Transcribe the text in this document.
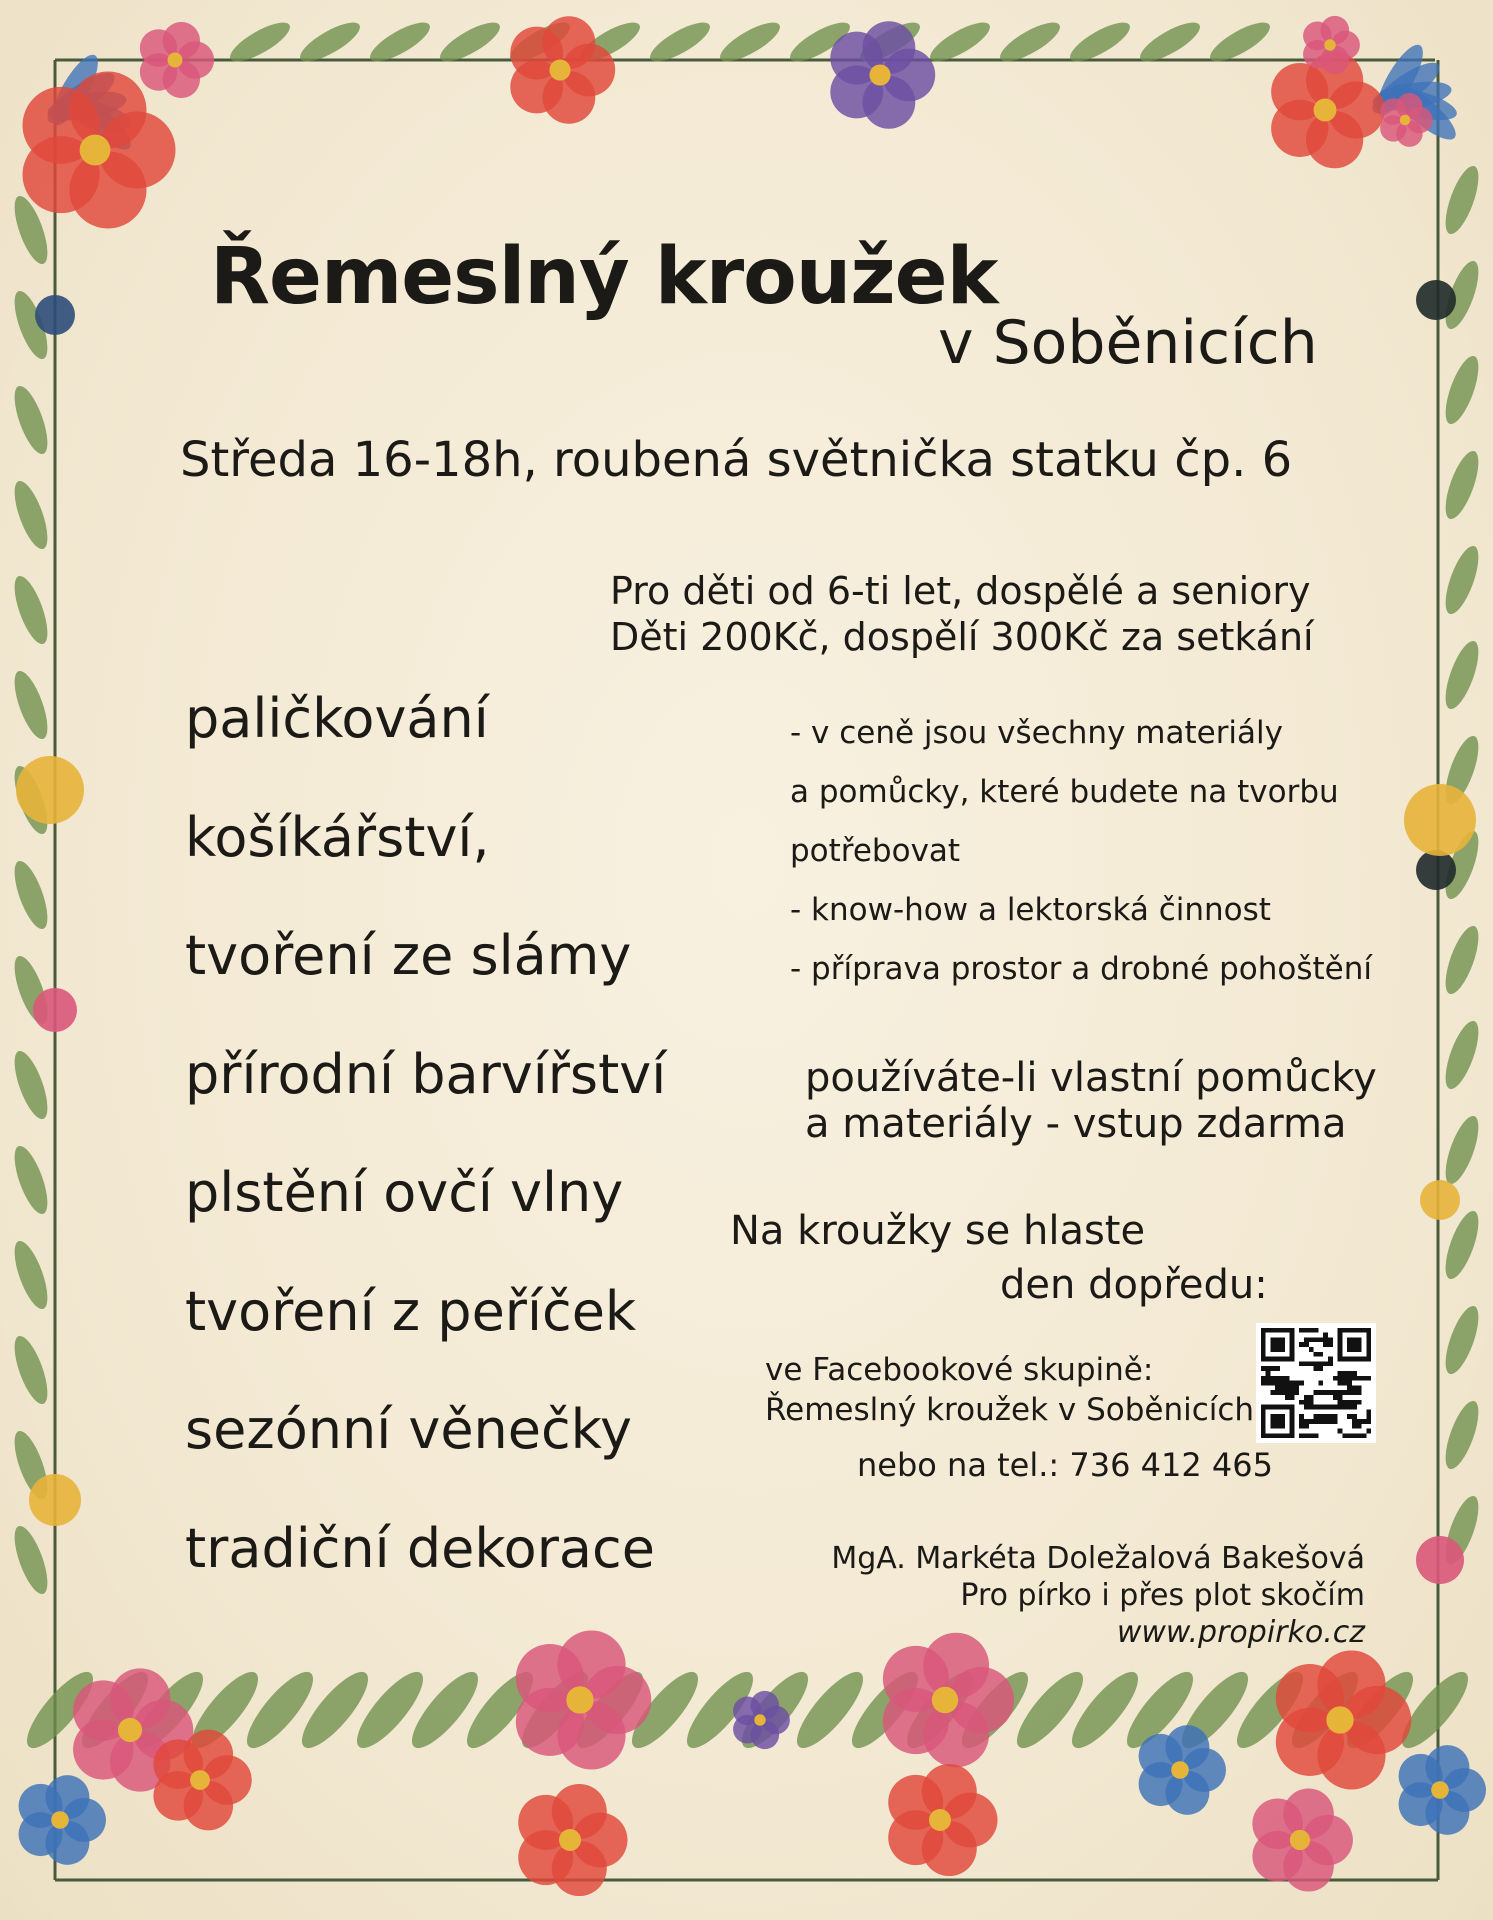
Řemeslný kroužek
v Soběnicích
Středa 16-18h, roubená světnička statku čp. 6
Pro děti od 6-ti let, dospělé a seniory
Děti 200Kč, dospělí 300Kč za setkání
paličkování
košíkářství,
tvoření ze slámy
přírodní barvířství
plstění ovčí vlny
tvoření z peříček
sezónní věnečky
tradiční dekorace
- v ceně jsou všechny materiály
a pomůcky, které budete na tvorbu
potřebovat
- know-how a lektorská činnost
- příprava prostor a drobné pohoštění
používáte-li vlastní pomůcky
a materiály - vstup zdarma
Na kroužky se hlaste
den dopředu:
ve Facebookové skupině:
Řemeslný kroužek v Soběnicích
nebo na tel.: 736 412 465
MgA. Markéta Doležalová Bakešová
Pro pírko i přes plot skočím
www.propirko.cz
